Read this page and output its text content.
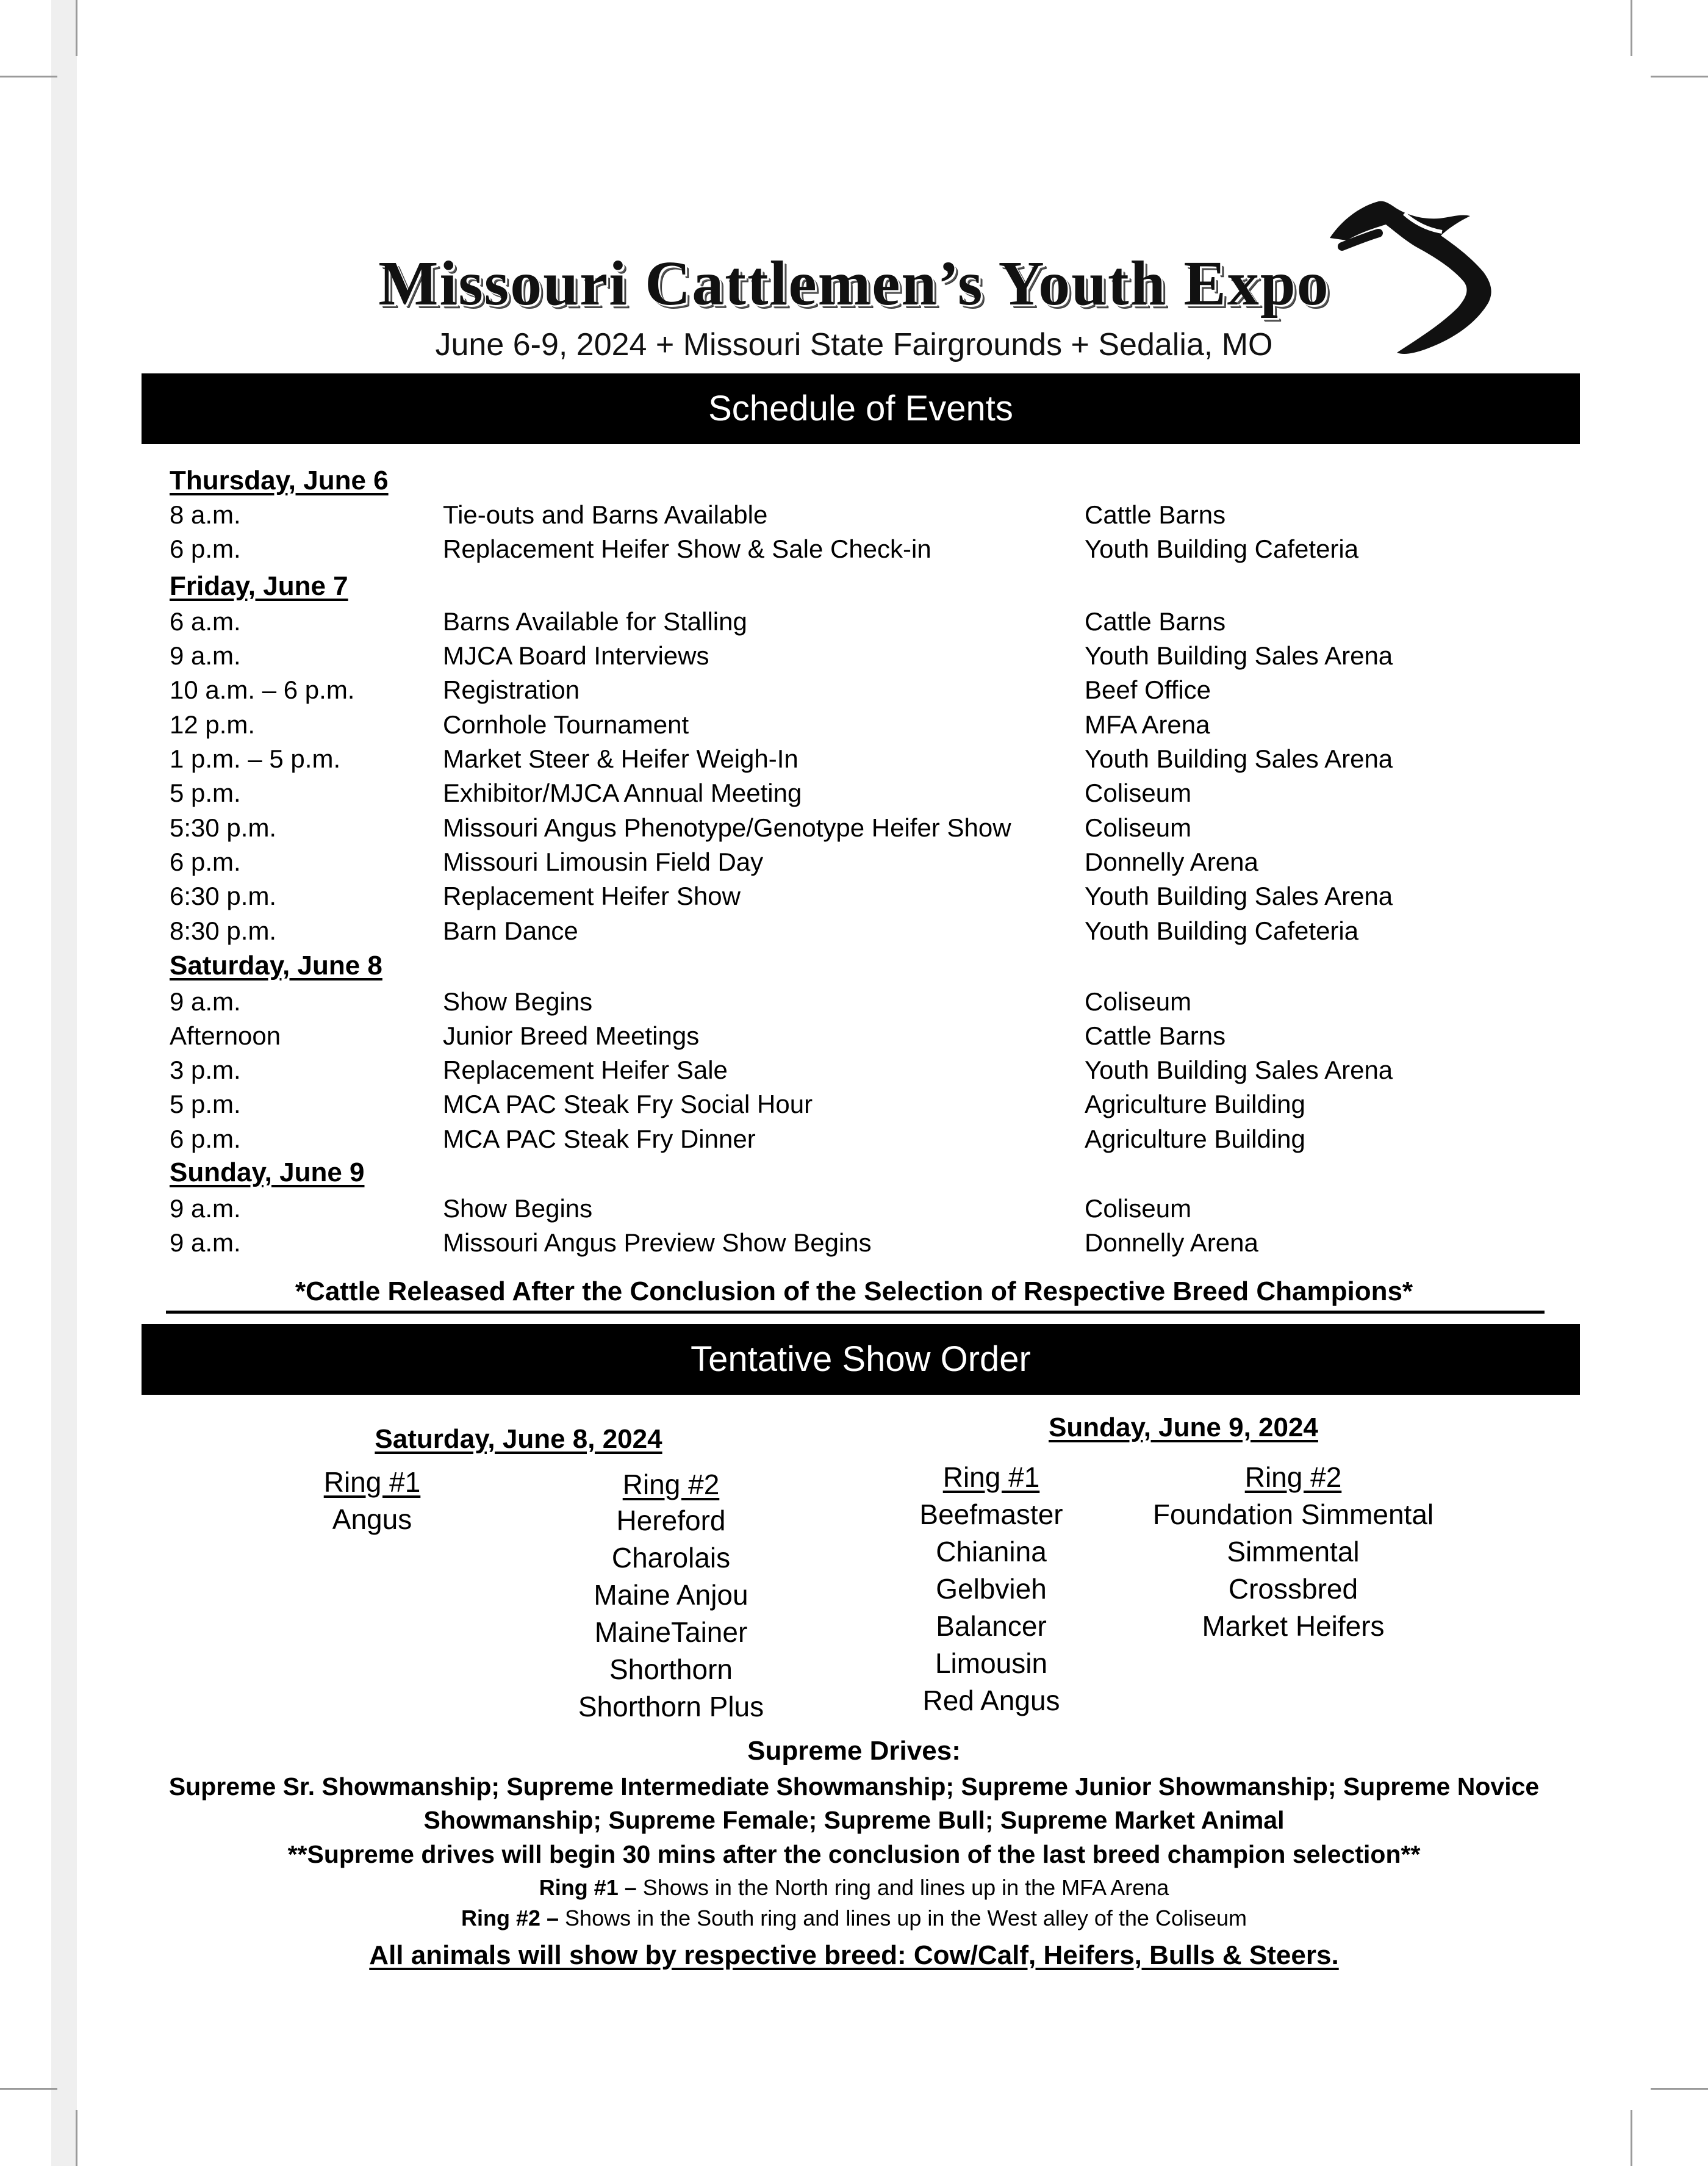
Missouri Cattlemen’s Youth Expo
June 6-9, 2024 + Missouri State Fairgrounds + Sedalia, MO
Schedule of Events
Thursday, June 6
8 a.m.	Tie-outs and Barns Available	Cattle Barns
6 p.m.	Replacement Heifer Show & Sale Check-in	Youth Building Cafeteria
Friday, June 7
6 a.m.	Barns Available for Stalling	Cattle Barns
9 a.m.	MJCA Board Interviews	Youth Building Sales Arena
10 a.m. – 6 p.m.	Registration	Beef Office
12 p.m.	Cornhole Tournament	MFA Arena
1 p.m. – 5 p.m.	Market Steer & Heifer Weigh-In	Youth Building Sales Arena
5 p.m.	Exhibitor/MJCA Annual Meeting	Coliseum
5:30 p.m.	Missouri Angus Phenotype/Genotype Heifer Show	Coliseum
6 p.m.	Missouri Limousin Field Day	Donnelly Arena
6:30 p.m.	Replacement Heifer Show	Youth Building Sales Arena
8:30 p.m.	Barn Dance	Youth Building Cafeteria
Saturday, June 8
9 a.m.	Show Begins	Coliseum
Afternoon	Junior Breed Meetings	Cattle Barns
3 p.m.	Replacement Heifer Sale	Youth Building Sales Arena
5 p.m.	MCA PAC Steak Fry Social Hour	Agriculture Building
6 p.m.	MCA PAC Steak Fry Dinner	Agriculture Building
Sunday, June 9
9 a.m.	Show Begins	Coliseum
9 a.m.	Missouri Angus Preview Show Begins	Donnelly Arena
*Cattle Released After the Conclusion of the Selection of Respective Breed Champions*
Tentative Show Order
Saturday, June 8, 2024
Ring #1
Angus
Ring #2
Hereford
Charolais
Maine Anjou
MaineTainer
Shorthorn
Shorthorn Plus
Sunday, June 9, 2024
Ring #1
Beefmaster
Chianina
Gelbvieh
Balancer
Limousin
Red Angus
Ring #2
Foundation Simmental
Simmental
Crossbred
Market Heifers
Supreme Drives:
Supreme Sr. Showmanship; Supreme Intermediate Showmanship; Supreme Junior Showmanship; Supreme Novice
Showmanship; Supreme Female; Supreme Bull; Supreme Market Animal
**Supreme drives will begin 30 mins after the conclusion of the last breed champion selection**
Ring #1 – Shows in the North ring and lines up in the MFA Arena
Ring #2 – Shows in the South ring and lines up in the West alley of the Coliseum
All animals will show by respective breed: Cow/Calf, Heifers, Bulls & Steers.
